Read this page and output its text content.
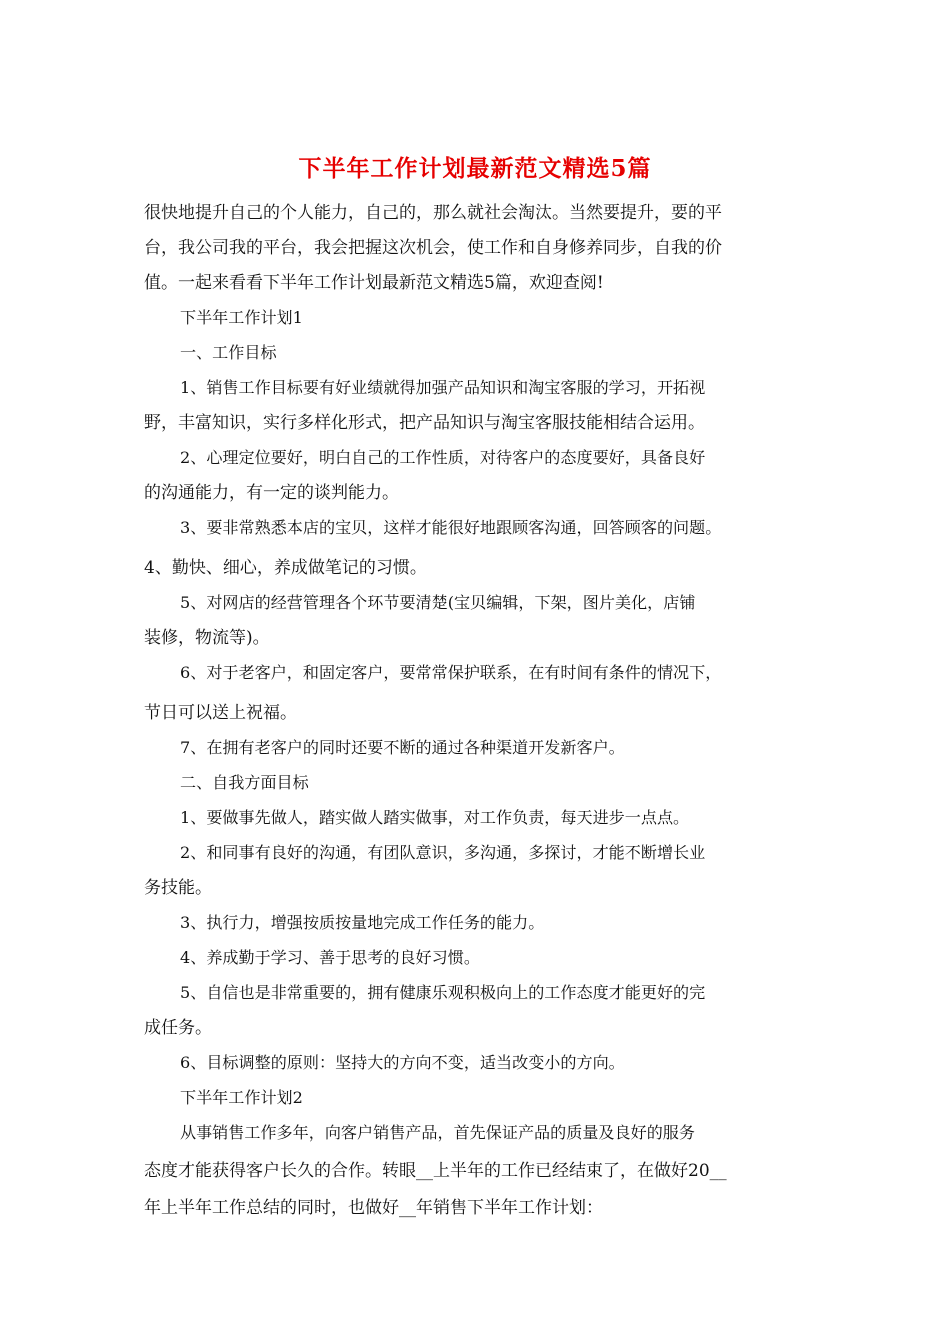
下半年工作计划最新范文精选5篇
很快地提升自己的个人能力，自己的，那么就社会淘汰。当然要提升，要的平
台，我公司我的平台，我会把握这次机会，使工作和自身修养同步，自我的价
值。一起来看看下半年工作计划最新范文精选5篇，欢迎查阅!
下半年工作计划1
一、工作目标
1、销售工作目标要有好业绩就得加强产品知识和淘宝客服的学习，开拓视
野，丰富知识，实行多样化形式，把产品知识与淘宝客服技能相结合运用。
2、心理定位要好，明白自己的工作性质，对待客户的态度要好，具备良好
的沟通能力，有一定的谈判能力。
3、要非常熟悉本店的宝贝，这样才能很好地跟顾客沟通，回答顾客的问题。
4、勤快、细心，养成做笔记的习惯。
5、对网店的经营管理各个环节要清楚(宝贝编辑，下架，图片美化，店铺
装修，物流等)。
6、对于老客户，和固定客户，要常常保护联系，在有时间有条件的情况下，
节日可以送上祝福。
7、在拥有老客户的同时还要不断的通过各种渠道开发新客户。
二、自我方面目标
1、要做事先做人，踏实做人踏实做事，对工作负责，每天进步一点点。
2、和同事有良好的沟通，有团队意识，多沟通，多探讨，才能不断增长业
务技能。
3、执行力，增强按质按量地完成工作任务的能力。
4、养成勤于学习、善于思考的良好习惯。
5、自信也是非常重要的，拥有健康乐观积极向上的工作态度才能更好的完
成任务。
6、目标调整的原则：坚持大的方向不变，适当改变小的方向。
下半年工作计划2
从事销售工作多年，向客户销售产品，首先保证产品的质量及良好的服务
态度才能获得客户长久的合作。转眼__上半年的工作已经结束了，在做好20__
年上半年工作总结的同时，也做好__年销售下半年工作计划：
